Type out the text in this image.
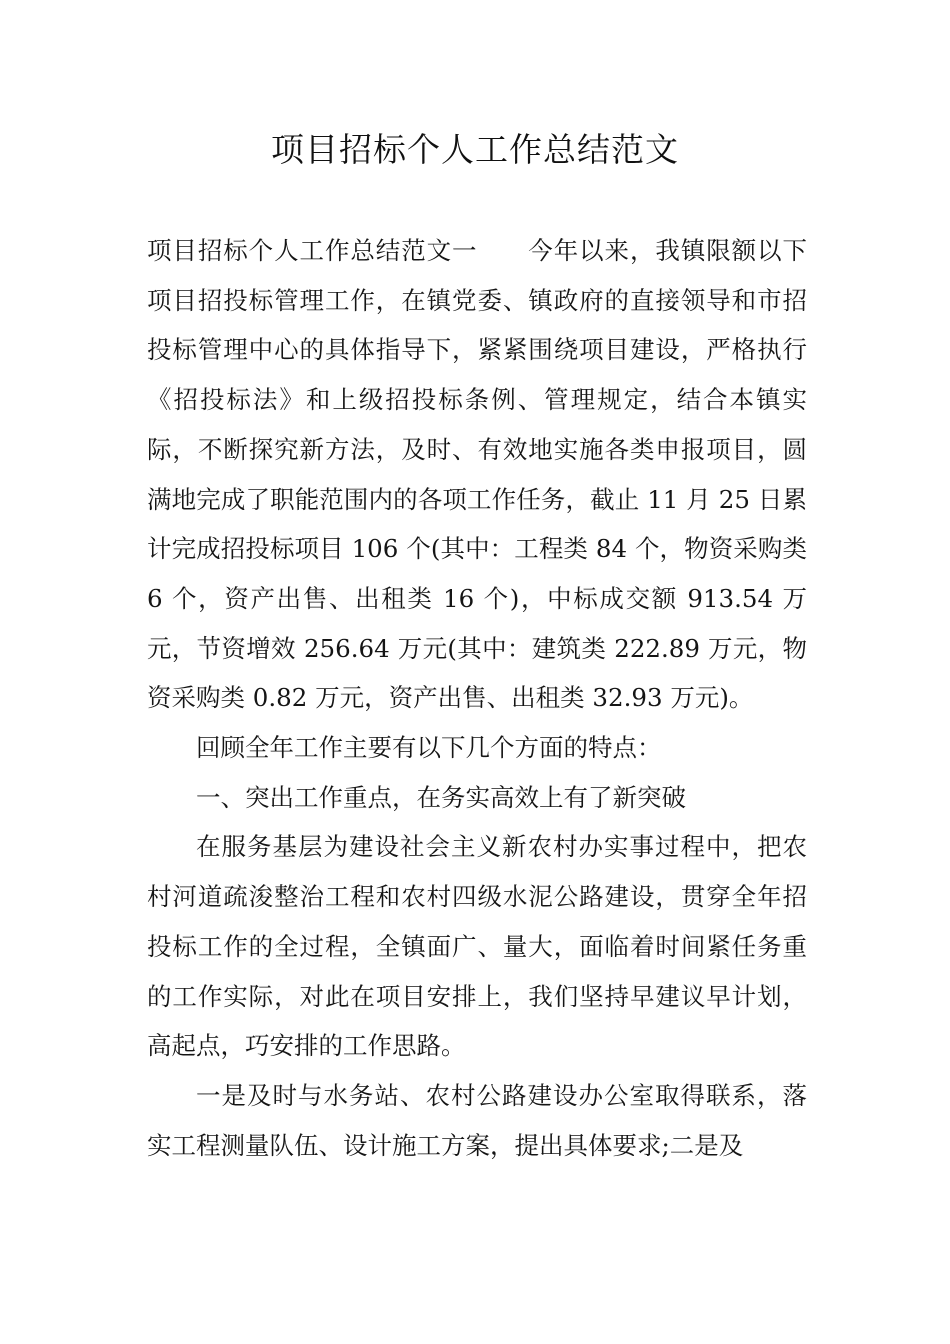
项目招标个人工作总结范文

项目招标个人工作总结范文一　　今年以来，我镇限额以下项目招投标管理工作，在镇党委、镇政府的直接领导和市招投标管理中心的具体指导下，紧紧围绕项目建设，严格执行《招投标法》和上级招投标条例、管理规定，结合本镇实际，不断探究新方法，及时、有效地实施各类申报项目，圆满地完成了职能范围内的各项工作任务，截止 11 月 25 日累计完成招投标项目 106 个(其中：工程类 84 个，物资采购类 6 个，资产出售、出租类 16 个)，中标成交额 913.54 万元，节资增效 256.64 万元(其中：建筑类 222.89 万元，物资采购类 0.82 万元，资产出售、出租类 32.93 万元)。

回顾全年工作主要有以下几个方面的特点：

一、突出工作重点，在务实高效上有了新突破

在服务基层为建设社会主义新农村办实事过程中，把农村河道疏浚整治工程和农村四级水泥公路建设，贯穿全年招投标工作的全过程，全镇面广、量大，面临着时间紧任务重的工作实际，对此在项目安排上，我们坚持早建议早计划，高起点，巧安排的工作思路。

一是及时与水务站、农村公路建设办公室取得联系，落实工程测量队伍、设计施工方案，提出具体要求;二是及
